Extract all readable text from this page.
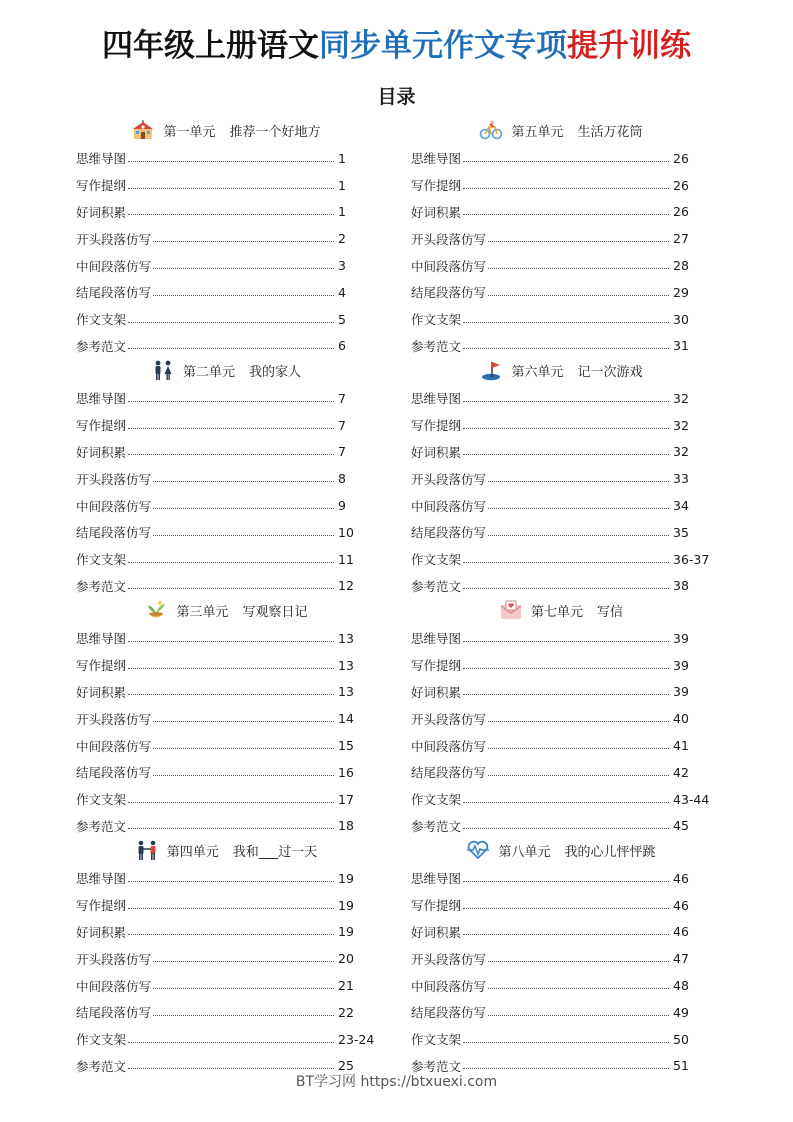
四年级上册语文同步单元作文专项提升训练
目录
第一单元 推荐一个好地方
思维导图	1
写作提纲	1
好词积累	1
开头段落仿写	2
中间段落仿写	3
结尾段落仿写	4
作文支架	5
参考范文	6
第二单元 我的家人
思维导图	7
写作提纲	7
好词积累	7
开头段落仿写	8
中间段落仿写	9
结尾段落仿写	10
作文支架	11
参考范文	12
第三单元 写观察日记
思维导图	13
写作提纲	13
好词积累	13
开头段落仿写	14
中间段落仿写	15
结尾段落仿写	16
作文支架	17
参考范文	18
第四单元 我和___过一天
思维导图	19
写作提纲	19
好词积累	19
开头段落仿写	20
中间段落仿写	21
结尾段落仿写	22
作文支架	23-24
参考范文	25
第五单元 生活万花筒
思维导图	26
写作提纲	26
好词积累	26
开头段落仿写	27
中间段落仿写	28
结尾段落仿写	29
作文支架	30
参考范文	31
第六单元 记一次游戏
思维导图	32
写作提纲	32
好词积累	32
开头段落仿写	33
中间段落仿写	34
结尾段落仿写	35
作文支架	36-37
参考范文	38
第七单元 写信
思维导图	39
写作提纲	39
好词积累	39
开头段落仿写	40
中间段落仿写	41
结尾段落仿写	42
作文支架	43-44
参考范文	45
第八单元 我的心儿怦怦跳
思维导图	46
写作提纲	46
好词积累	46
开头段落仿写	47
中间段落仿写	48
结尾段落仿写	49
作文支架	50
参考范文	51
BT学习网 https://btxuexi.com
